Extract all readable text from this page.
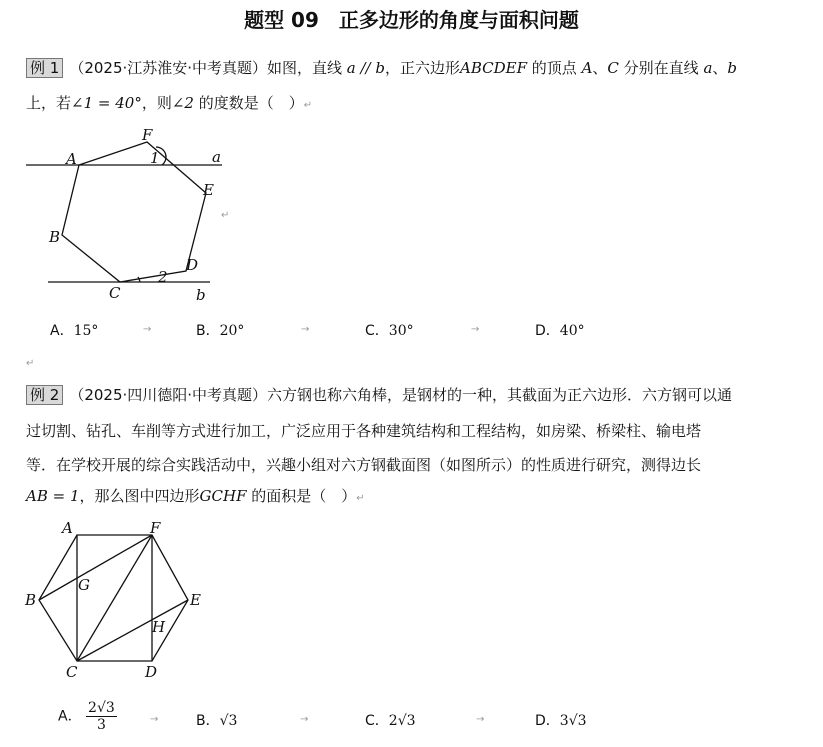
题型 09　正多边形的角度与面积问题
例 1 （2025·江苏淮安·中考真题）如图，直线 a // b，正六边形ABCDEF 的顶点 A、C 分别在直线 a、b
上，若∠1 = 40°，则∠2 的度数是（　）↵
A
F
1	a
E
B
D
2
C	b
↵
A．15°	B．20°	C．30°	D．40°
→	→	→
↵
例 2 （2025·四川德阳·中考真题）六方钢也称六角棒，是钢材的一种，其截面为正六边形．六方钢可以通
过切割、钻孔、车削等方式进行加工，广泛应用于各种建筑结构和工程结构，如房梁、桥梁柱、输电塔
等．在学校开展的综合实践活动中，兴趣小组对六方钢截面图（如图所示）的性质进行研究，测得边长
AB = 1，那么图中四边形GCHF 的面积是（　）↵
A	F
G
B	E
H
C	D
A． $\frac{2√3}{3}$	B．√3	C．2√3	D．3√3
→	→	→
